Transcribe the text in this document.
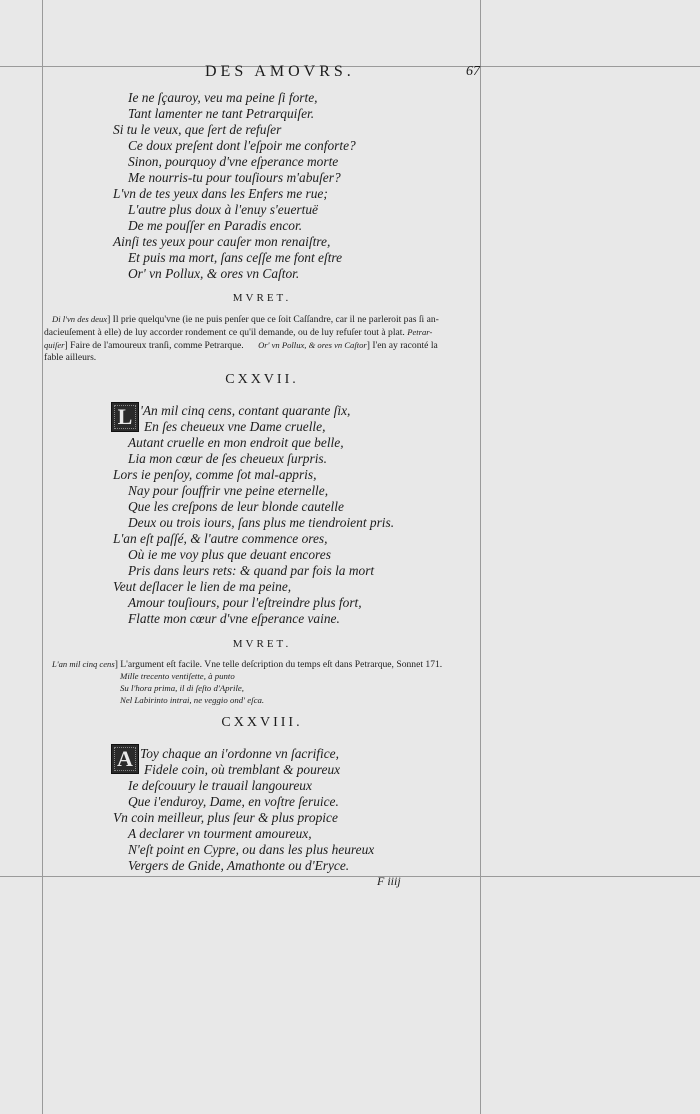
DES AMOVRS.	67
Ie ne ſçauroy, veu ma peine ſi forte,
Tant lamenter ne tant Petrarquiſer.
Si tu le veux, que ſert de refuſer
Ce doux preſent dont l'eſpoir me conforte?
Sinon, pourquoy d'vne eſperance morte
Me nourris-tu pour touſiours m'abuſer?
L'vn de tes yeux dans les Enfers me rue;
L'autre plus doux à l'enuy s'euertuë
De me pouſſer en Paradis encor.
Ainſi tes yeux pour cauſer mon renaiſtre,
Et puis ma mort, ſans ceſſe me font eſtre
Or' vn Pollux, & ores vn Caſtor.
MVRET.
Di l'vn des deux] Il prie quelqu'vne (ie ne puis penſer que ce ſoit Caſſandre, car il ne parleroit pas ſi an-
dacieuſement à elle) de luy accorder rondement ce qu'il demande, ou de luy refuſer tout à plat. Petrar-
quiſer] Faire de l'amoureux tranſi, comme Petrarque. Or' vn Pollux, & ores vn Caſtor] I'en ay raconté la
fable ailleurs.
CXXVII.
L 'An mil cinq cens, contant quarante ſix,
En ſes cheueux vne Dame cruelle,
Autant cruelle en mon endroit que belle,
Lia mon cœur de ſes cheueux ſurpris.
Lors ie penſoy, comme ſot mal-appris,
Nay pour ſouffrir vne peine eternelle,
Que les creſpons de leur blonde cautelle
Deux ou trois iours, ſans plus me tiendroient pris.
L'an eſt paſſé, & l'autre commence ores,
Où ie me voy plus que deuant encores
Pris dans leurs rets: & quand par fois la mort
Veut deſlacer le lien de ma peine,
Amour touſiours, pour l'eſtreindre plus fort,
Flatte mon cœur d'vne eſperance vaine.
MVRET.
L'an mil cinq cens] L'argument eſt facile. Vne telle deſcription du temps eſt dans Petrarque, Sonnet 171.
Mille trecento ventiſette, à punto
Su l'hora prima, il di ſeſto d'Aprile,
Nel Labirinto intrai, ne veggio ond' eſca.
CXXVIII.
A Toy chaque an i'ordonne vn ſacrifice,
Fidele coin, où tremblant & poureux
Ie deſcouury le trauail langoureux
Que i'enduroy, Dame, en voſtre ſeruice.
Vn coin meilleur, plus ſeur & plus propice
A declarer vn tourment amoureux,
N'eſt point en Cypre, ou dans les plus heureux
Vergers de Gnide, Amathonte ou d'Eryce.
F iiij
